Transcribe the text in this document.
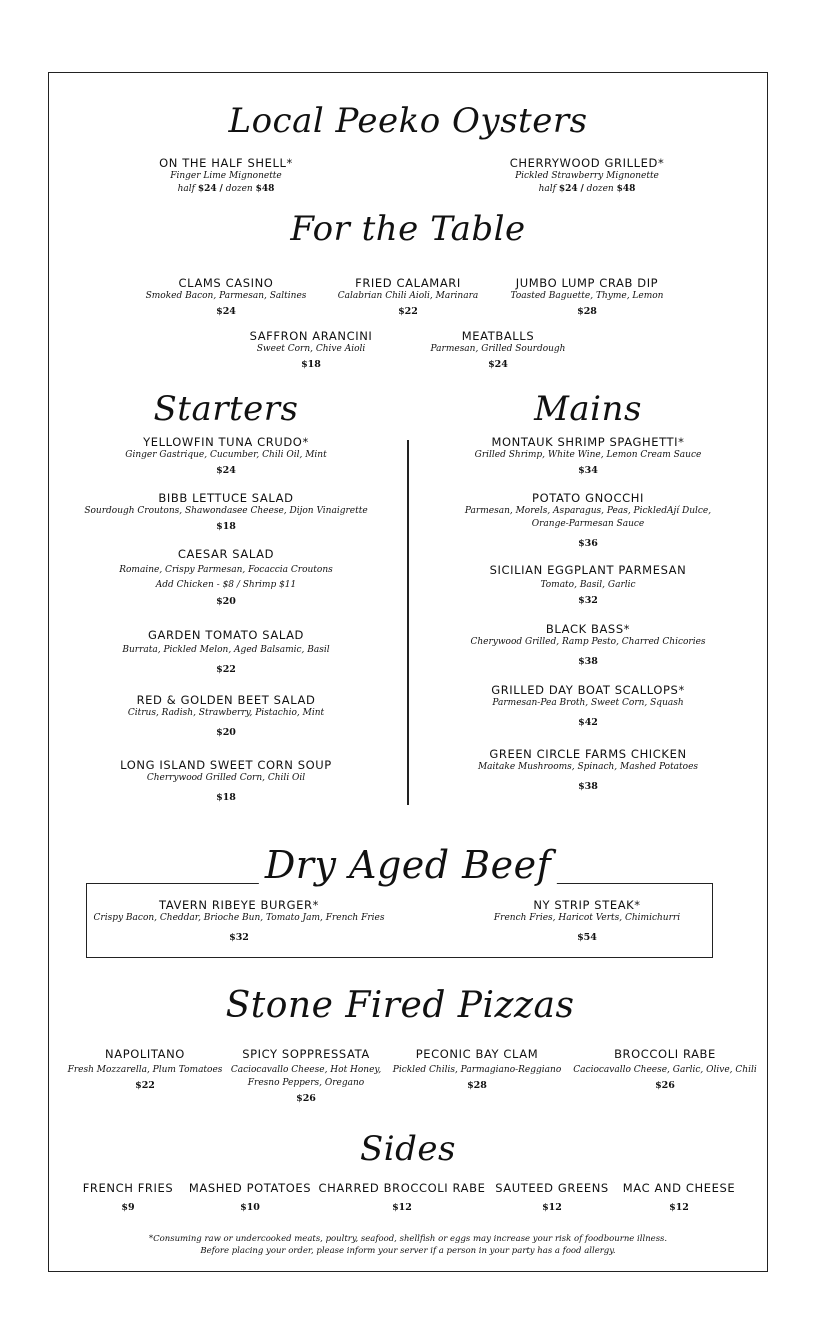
Local Peeko Oysters
ON THE HALF SHELL*
Finger Lime Mignonette
half $24 / dozen $48
CHERRYWOOD GRILLED*
Pickled Strawberry Mignonette
half $24 / dozen $48
For the Table
CLAMS CASINO
Smoked Bacon, Parmesan, Saltines
$24
FRIED CALAMARI
Calabrian Chili Aioli, Marinara
$22
JUMBO LUMP CRAB DIP
Toasted Baguette, Thyme, Lemon
$28
SAFFRON ARANCINI
Sweet Corn, Chive Aioli
$18
MEATBALLS
Parmesan, Grilled Sourdough
$24
Starters	Mains
YELLOWFIN TUNA CRUDO*
Ginger Gastrique, Cucumber, Chili Oil, Mint
$24
BIBB LETTUCE SALAD
Sourdough Croutons, Shawondasee Cheese, Dijon Vinaigrette
$18
CAESAR SALAD
Romaine, Crispy Parmesan, Focaccia Croutons
Add Chicken - $8 / Shrimp $11
$20
GARDEN TOMATO SALAD
Burrata, Pickled Melon, Aged Balsamic, Basil
$22
RED & GOLDEN BEET SALAD
Citrus, Radish, Strawberry, Pistachio, Mint
$20
LONG ISLAND SWEET CORN SOUP
Cherrywood Grilled Corn, Chili Oil
$18
MONTAUK SHRIMP SPAGHETTI*
Grilled Shrimp, White Wine, Lemon Cream Sauce
$34
POTATO GNOCCHI
Parmesan, Morels, Asparagus, Peas, PickledAjí Dulce,
Orange-Parmesan Sauce
$36
SICILIAN EGGPLANT PARMESAN
Tomato, Basil, Garlic
$32
BLACK BASS*
Cherywood Grilled, Ramp Pesto, Charred Chicories
$38
GRILLED DAY BOAT SCALLOPS*
Parmesan-Pea Broth, Sweet Corn, Squash
$42
GREEN CIRCLE FARMS CHICKEN
Maitake Mushrooms, Spinach, Mashed Potatoes
$38
Dry Aged Beef
TAVERN RIBEYE BURGER*
Crispy Bacon, Cheddar, Brioche Bun, Tomato Jam, French Fries
$32
NY STRIP STEAK*
French Fries, Haricot Verts, Chimichurri
$54
Stone Fired Pizzas
NAPOLITANO
Fresh Mozzarella, Plum Tomatoes
$22
SPICY SOPPRESSATA
Caciocavallo Cheese, Hot Honey,
Fresno Peppers, Oregano
$26
PECONIC BAY CLAM
Pickled Chilis, Parmagiano-Reggiano
$28
BROCCOLI RABE
Caciocavallo Cheese, Garlic, Olive, Chili
$26
Sides
FRENCH FRIES
$9
MASHED POTATOES
$10
CHARRED BROCCOLI RABE
$12
SAUTEED GREENS
$12
MAC AND CHEESE
$12
*Consuming raw or undercooked meats, poultry, seafood, shellfish or eggs may increase your risk of foodbourne illness.
Before placing your order, please inform your server if a person in your party has a food allergy.
